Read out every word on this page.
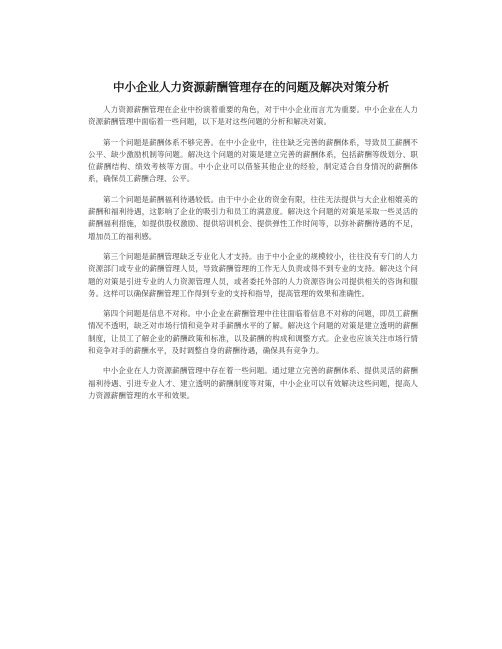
中小企业人力资源薪酬管理存在的问题及解决对策分析

人力资源薪酬管理在企业中扮演着重要的角色，对于中小企业而言尤为重要。中小企业在人力资源薪酬管理中面临着一些问题，以下是对这些问题的分析和解决对策。

第一个问题是薪酬体系不够完善。在中小企业中，往往缺乏完善的薪酬体系，导致员工薪酬不公平、缺少激励机制等问题。解决这个问题的对策是建立完善的薪酬体系，包括薪酬等级划分、职位薪酬结构、绩效考核等方面。中小企业可以借鉴其他企业的经验，制定适合自身情况的薪酬体系，确保员工薪酬合理、公平。

第二个问题是薪酬福利待遇较低。由于中小企业的资金有限，往往无法提供与大企业相媲美的薪酬和福利待遇，这影响了企业的吸引力和员工的满意度。解决这个问题的对策是采取一些灵活的薪酬福利措施，如提供股权激励、提供培训机会、提供弹性工作时间等，以弥补薪酬待遇的不足，增加员工的福利感。

第三个问题是薪酬管理缺乏专业化人才支持。由于中小企业的规模较小，往往没有专门的人力资源部门或专业的薪酬管理人员，导致薪酬管理的工作无人负责或得不到专业的支持。解决这个问题的对策是引进专业的人力资源管理人员，或者委托外部的人力资源咨询公司提供相关的咨询和服务。这样可以确保薪酬管理工作得到专业的支持和指导，提高管理的效果和准确性。

第四个问题是信息不对称。中小企业在薪酬管理中往往面临着信息不对称的问题，即员工薪酬情况不透明，缺乏对市场行情和竞争对手薪酬水平的了解。解决这个问题的对策是建立透明的薪酬制度，让员工了解企业的薪酬政策和标准，以及薪酬的构成和调整方式。企业也应该关注市场行情和竞争对手的薪酬水平，及时调整自身的薪酬待遇，确保具有竞争力。

中小企业在人力资源薪酬管理中存在着一些问题。通过建立完善的薪酬体系、提供灵活的薪酬福利待遇、引进专业人才、建立透明的薪酬制度等对策，中小企业可以有效解决这些问题，提高人力资源薪酬管理的水平和效果。
